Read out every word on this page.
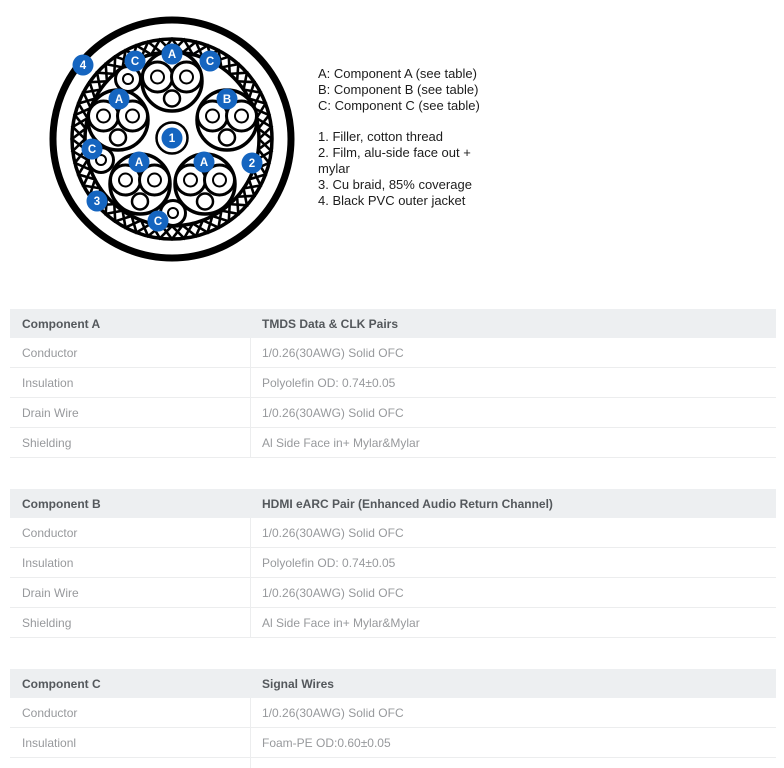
4	C
A
C
A	B
1
C
2
A	A
3
C
A: Component A (see table)
B: Component B (see table)
C: Component C (see table)
1. Filler, cotton thread
2. Film, alu-side face out + mylar
3. Cu braid, 85% coverage
4. Black PVC outer jacket
Component A	TMDS Data & CLK Pairs
Conductor	1/0.26(30AWG) Solid OFC
Insulation	Polyolefin OD: 0.74±0.05
Drain Wire	1/0.26(30AWG) Solid OFC
Shielding	Al Side Face in+ Mylar&Mylar
Component B	HDMI eARC Pair (Enhanced Audio Return Channel)
Conductor	1/0.26(30AWG) Solid OFC
Insulation	Polyolefin OD: 0.74±0.05
Drain Wire	1/0.26(30AWG) Solid OFC
Shielding	Al Side Face in+ Mylar&Mylar
Component C	Signal Wires
Conductor	1/0.26(30AWG) Solid OFC
Insulationl	Foam-PE OD:0.60±0.05
